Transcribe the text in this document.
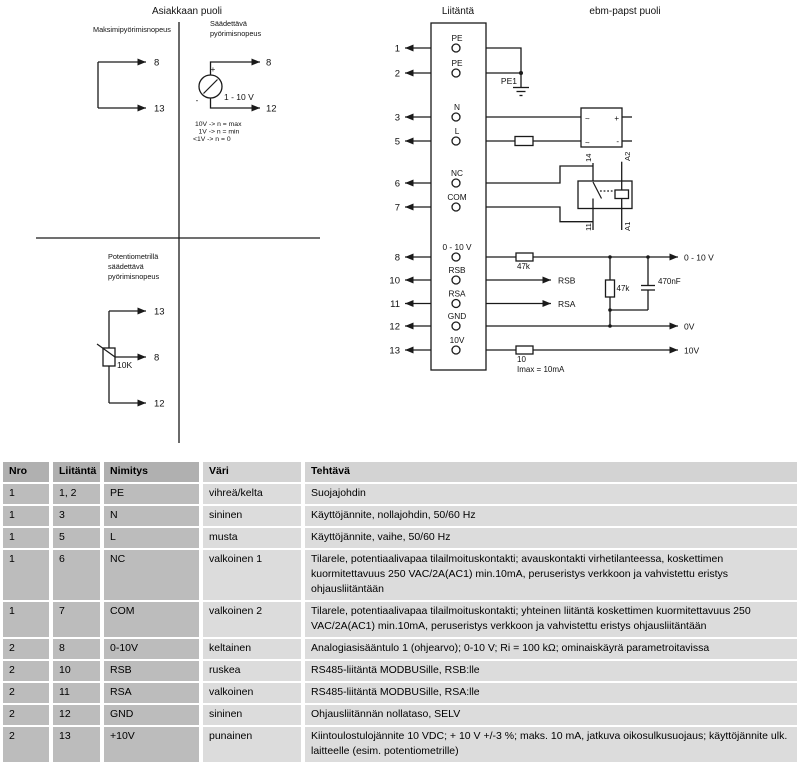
Asiakkaan puoli
Maksimipyörimisnopeus
8
13
Säädettävä
pyörimisnopeus
+
-	1 - 10 V
8
12
10V -> n = max
1V -> n = min
<1V -> n = 0
Potentiometrillä
säädettävä
pyörimisnopeus
10K
13
8
12
Liitäntä
1
2
3
5
6
7
8
10
11
12
13
PE
PE
N
L
NC
COM
0 - 10 V
RSB
RSA
GND
10V
ebm-papst puoli
PE1
~	+
~	-
14
11
A2
A1
47k
47k
470nF
10
Imax = 10mA
RSB
RSA
0 - 10 V
0V
10V
Nro	Liitäntä	Nimitys	Väri	Tehtävä
1	1, 2	PE	vihreä/kelta	Suojajohdin
1	3	N	sininen	Käyttöjännite, nollajohdin, 50/60 Hz
1	5	L	musta	Käyttöjännite, vaihe, 50/60 Hz
1	6	NC	valkoinen 1	Tilarele, potentiaalivapaa tilailmoituskontakti; avauskontakti virhetilanteessa, koskettimen kuormitettavuus 250 VAC/2A(AC1) min.10mA, peruseristys verkkoon ja vahvistettu eristys ohjausliitäntään
1	7	COM	valkoinen 2	Tilarele, potentiaalivapaa tilailmoituskontakti; yhteinen liitäntä koskettimen kuormitettavuus 250 VAC/2A(AC1) min.10mA, peruseristys verkkoon ja vahvistettu eristys ohjausliitäntään
2	8	0-10V	keltainen	Analogiasisääntulo 1 (ohjearvo); 0-10 V; Ri = 100 kΩ; ominaiskäyrä parametroitavissa
2	10	RSB	ruskea	RS485-liitäntä MODBUSille, RSB:lle
2	11	RSA	valkoinen	RS485-liitäntä MODBUSille, RSA:lle
2	12	GND	sininen	Ohjausliitännän nollataso, SELV
2	13	+10V	punainen	Kiintoulostulojännite 10 VDC; + 10 V +/-3 %; maks. 10 mA, jatkuva oikosulkusuojaus; käyttöjännite ulk. laitteelle (esim. potentiometrille)
